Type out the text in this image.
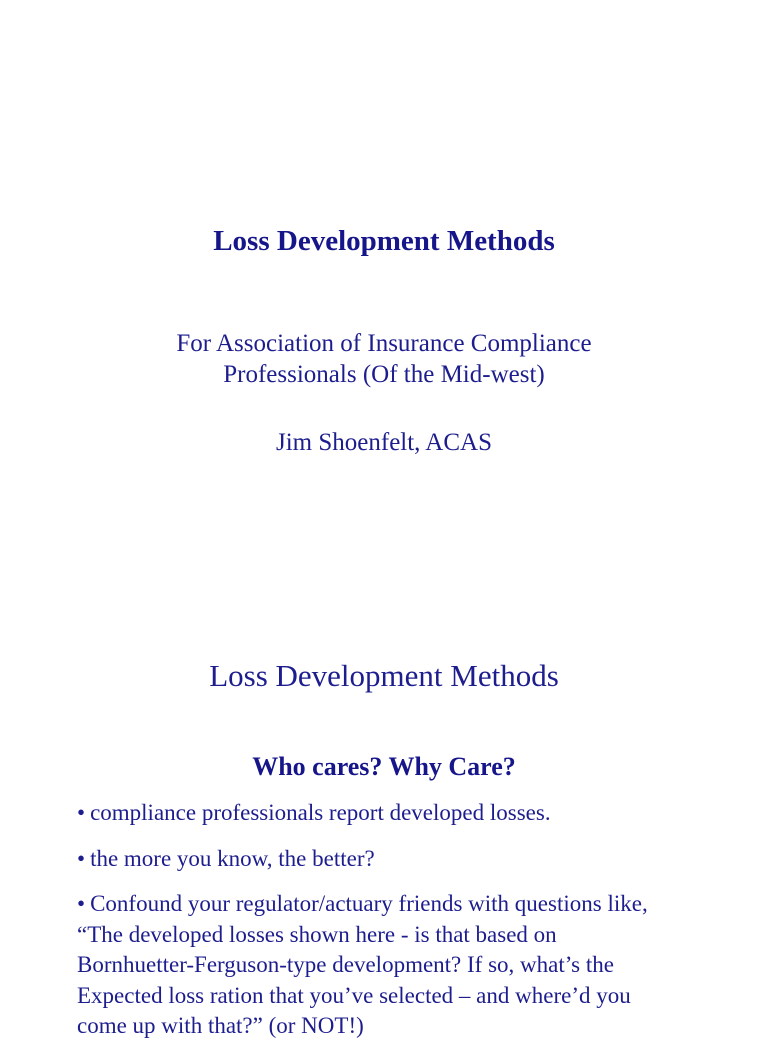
Loss Development Methods

For Association of Insurance Compliance
Professionals (Of the Mid-west)

Jim Shoenfelt, ACAS

Loss Development Methods
Who cares? Why Care?
• compliance professionals report developed losses.
• the more you know, the better?
• Confound your regulator/actuary friends with questions like, “The developed losses shown here - is that based on Bornhuetter-Ferguson-type development? If so, what’s the Expected loss ration that you’ve selected – and where’d you come up with that?” (or NOT!)
